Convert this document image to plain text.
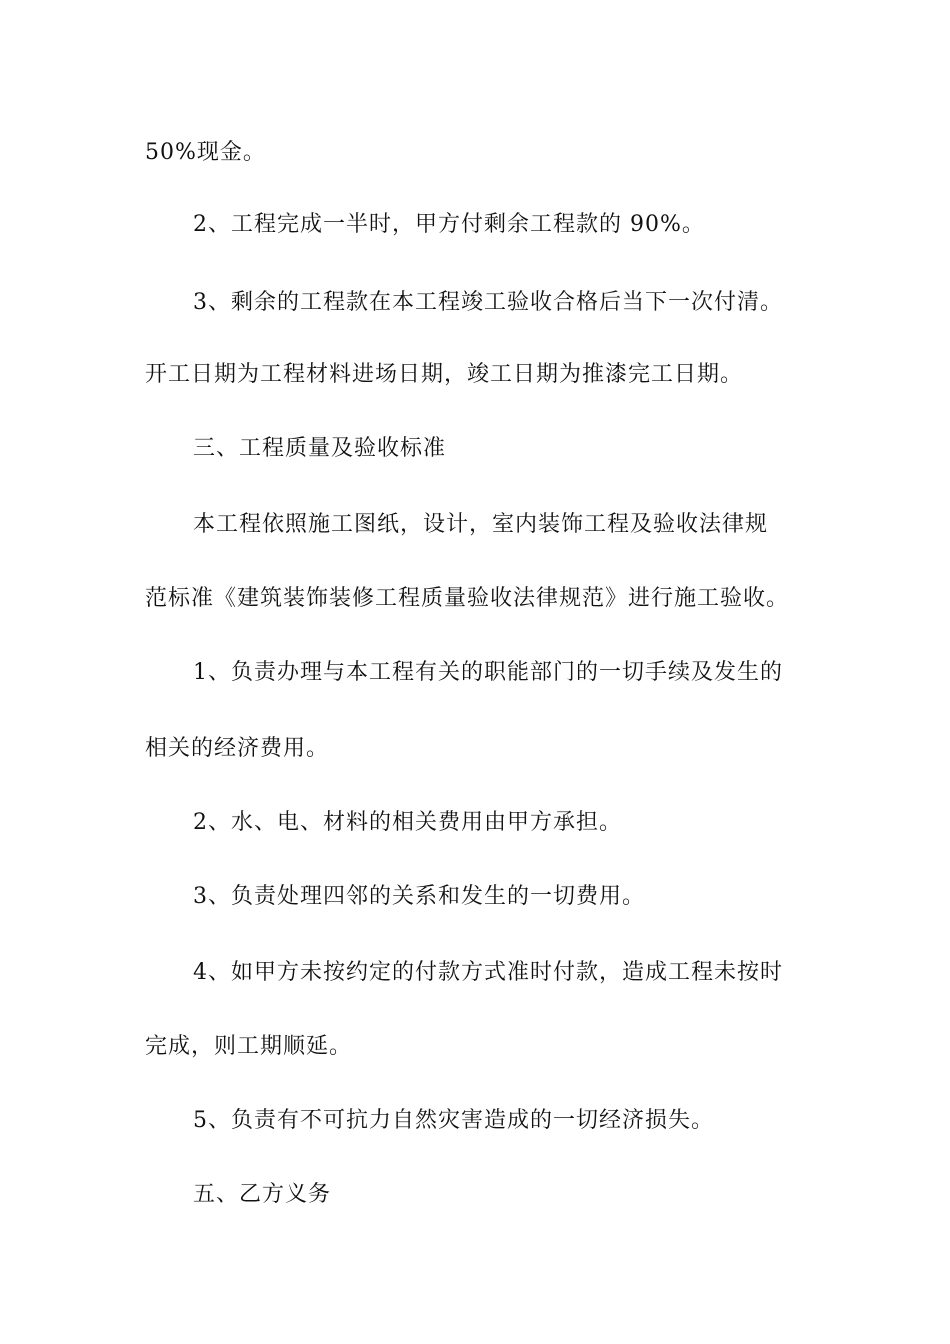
50%现金。
2、工程完成一半时，甲方付剩余工程款的 90%。
3、剩余的工程款在本工程竣工验收合格后当下一次付清。
开工日期为工程材料进场日期，竣工日期为推漆完工日期。
三、工程质量及验收标准
本工程依照施工图纸，设计，室内装饰工程及验收法律规
范标准《建筑装饰装修工程质量验收法律规范》进行施工验收。
1、负责办理与本工程有关的职能部门的一切手续及发生的
相关的经济费用。
2、水、电、材料的相关费用由甲方承担。
3、负责处理四邻的关系和发生的一切费用。
4、如甲方未按约定的付款方式准时付款，造成工程未按时
完成，则工期顺延。
5、负责有不可抗力自然灾害造成的一切经济损失。
五、乙方义务
